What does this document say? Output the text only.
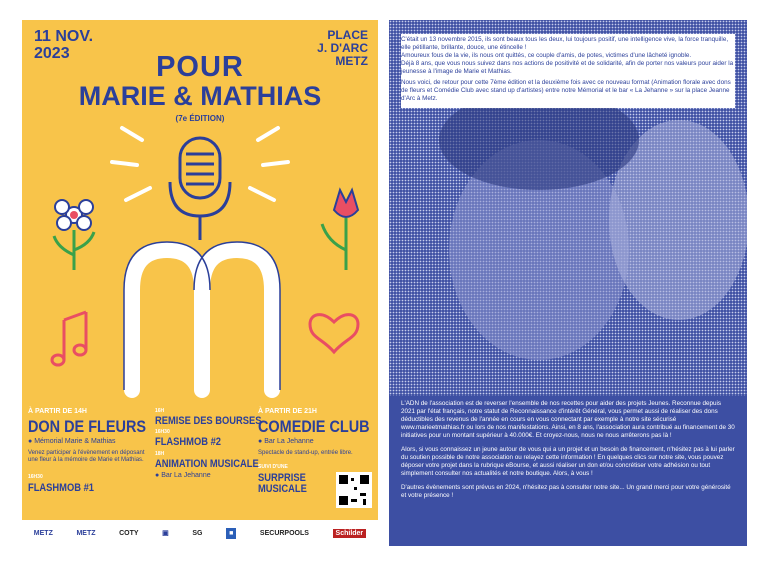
11 NOV.
2023
PLACE
J. D'ARC
METZ
POUR
MARIE & MATHIAS
(7e ÉDITION)
À PARTIR DE 14H
DON DE FLEURS
● Mémorial Marie & Mathias
Venez participer à l'évènement en déposant une fleur à la mémoire de Marie et Mathias.
16H30
FLASHMOB #1
16H
REMISE DES BOURSES
16H30
FLASHMOB #2
18H
ANIMATION MUSICALE
● Bar La Jehanne
À PARTIR DE 21H
COMEDIE CLUB
● Bar La Jehanne
Spectacle de stand-up, entrée libre.
SUIVI D'UNE
SURPRISE
MUSICALE
METZ	METZ	COTY	▣	SG	■	SECURPOOLS	Schilder

C'était un 13 novembre 2015, ils sont beaux tous les deux, lui toujours positif, une intelligence vive, la force tranquille, elle pétillante, brillante, douce, une étincelle !

Amoureux fous de la vie, ils nous ont quittés, ce couple d'amis, de potes, victimes d'une lâcheté ignoble.

Déjà 8 ans, que vous nous suivez dans nos actions de positivité et de solidarité, afin de porter nos valeurs pour aider la jeunesse à l'image de Marie et Mathias.

Nous voici, de retour pour cette 7ème édition et la deuxième fois avec ce nouveau format (Animation florale avec dons de fleurs et Comédie Club avec stand up d'artistes) entre notre Mémorial et le bar « La Jehanne » sur la place Jeanne d'Arc à Metz.

L'ADN de l'association est de reverser l'ensemble de nos recettes pour aider des projets Jeunes. Reconnue depuis 2021 par l'état français, notre statut de Reconnaissance d'intérêt Général, vous permet aussi de réaliser des dons déductibles des revenus de l'année en cours en vous connectant par exemple à notre site sécurisé www.marieetmathias.fr ou lors de nos manifestations. Ainsi, en 8 ans, l'association aura contribué au financement de 30 initiatives pour un montant supérieur à 40.000€. Et croyez-nous, nous ne nous arrêterons pas là !

Alors, si vous connaissez un jeune autour de vous qui a un projet et un besoin de financement, n'hésitez pas à lui parler du soutien possible de notre association ou relayez cette information ! En quelques clics sur notre site, vous pouvez déposer votre projet dans la rubrique eBourse, et aussi réaliser un don et/ou concrétiser votre adhésion ou tout simplement consulter nos actualités et notre boutique. Alors, à vous !

D'autres évènements sont prévus en 2024, n'hésitez pas à consulter notre site... Un grand merci pour votre générosité et votre présence !
